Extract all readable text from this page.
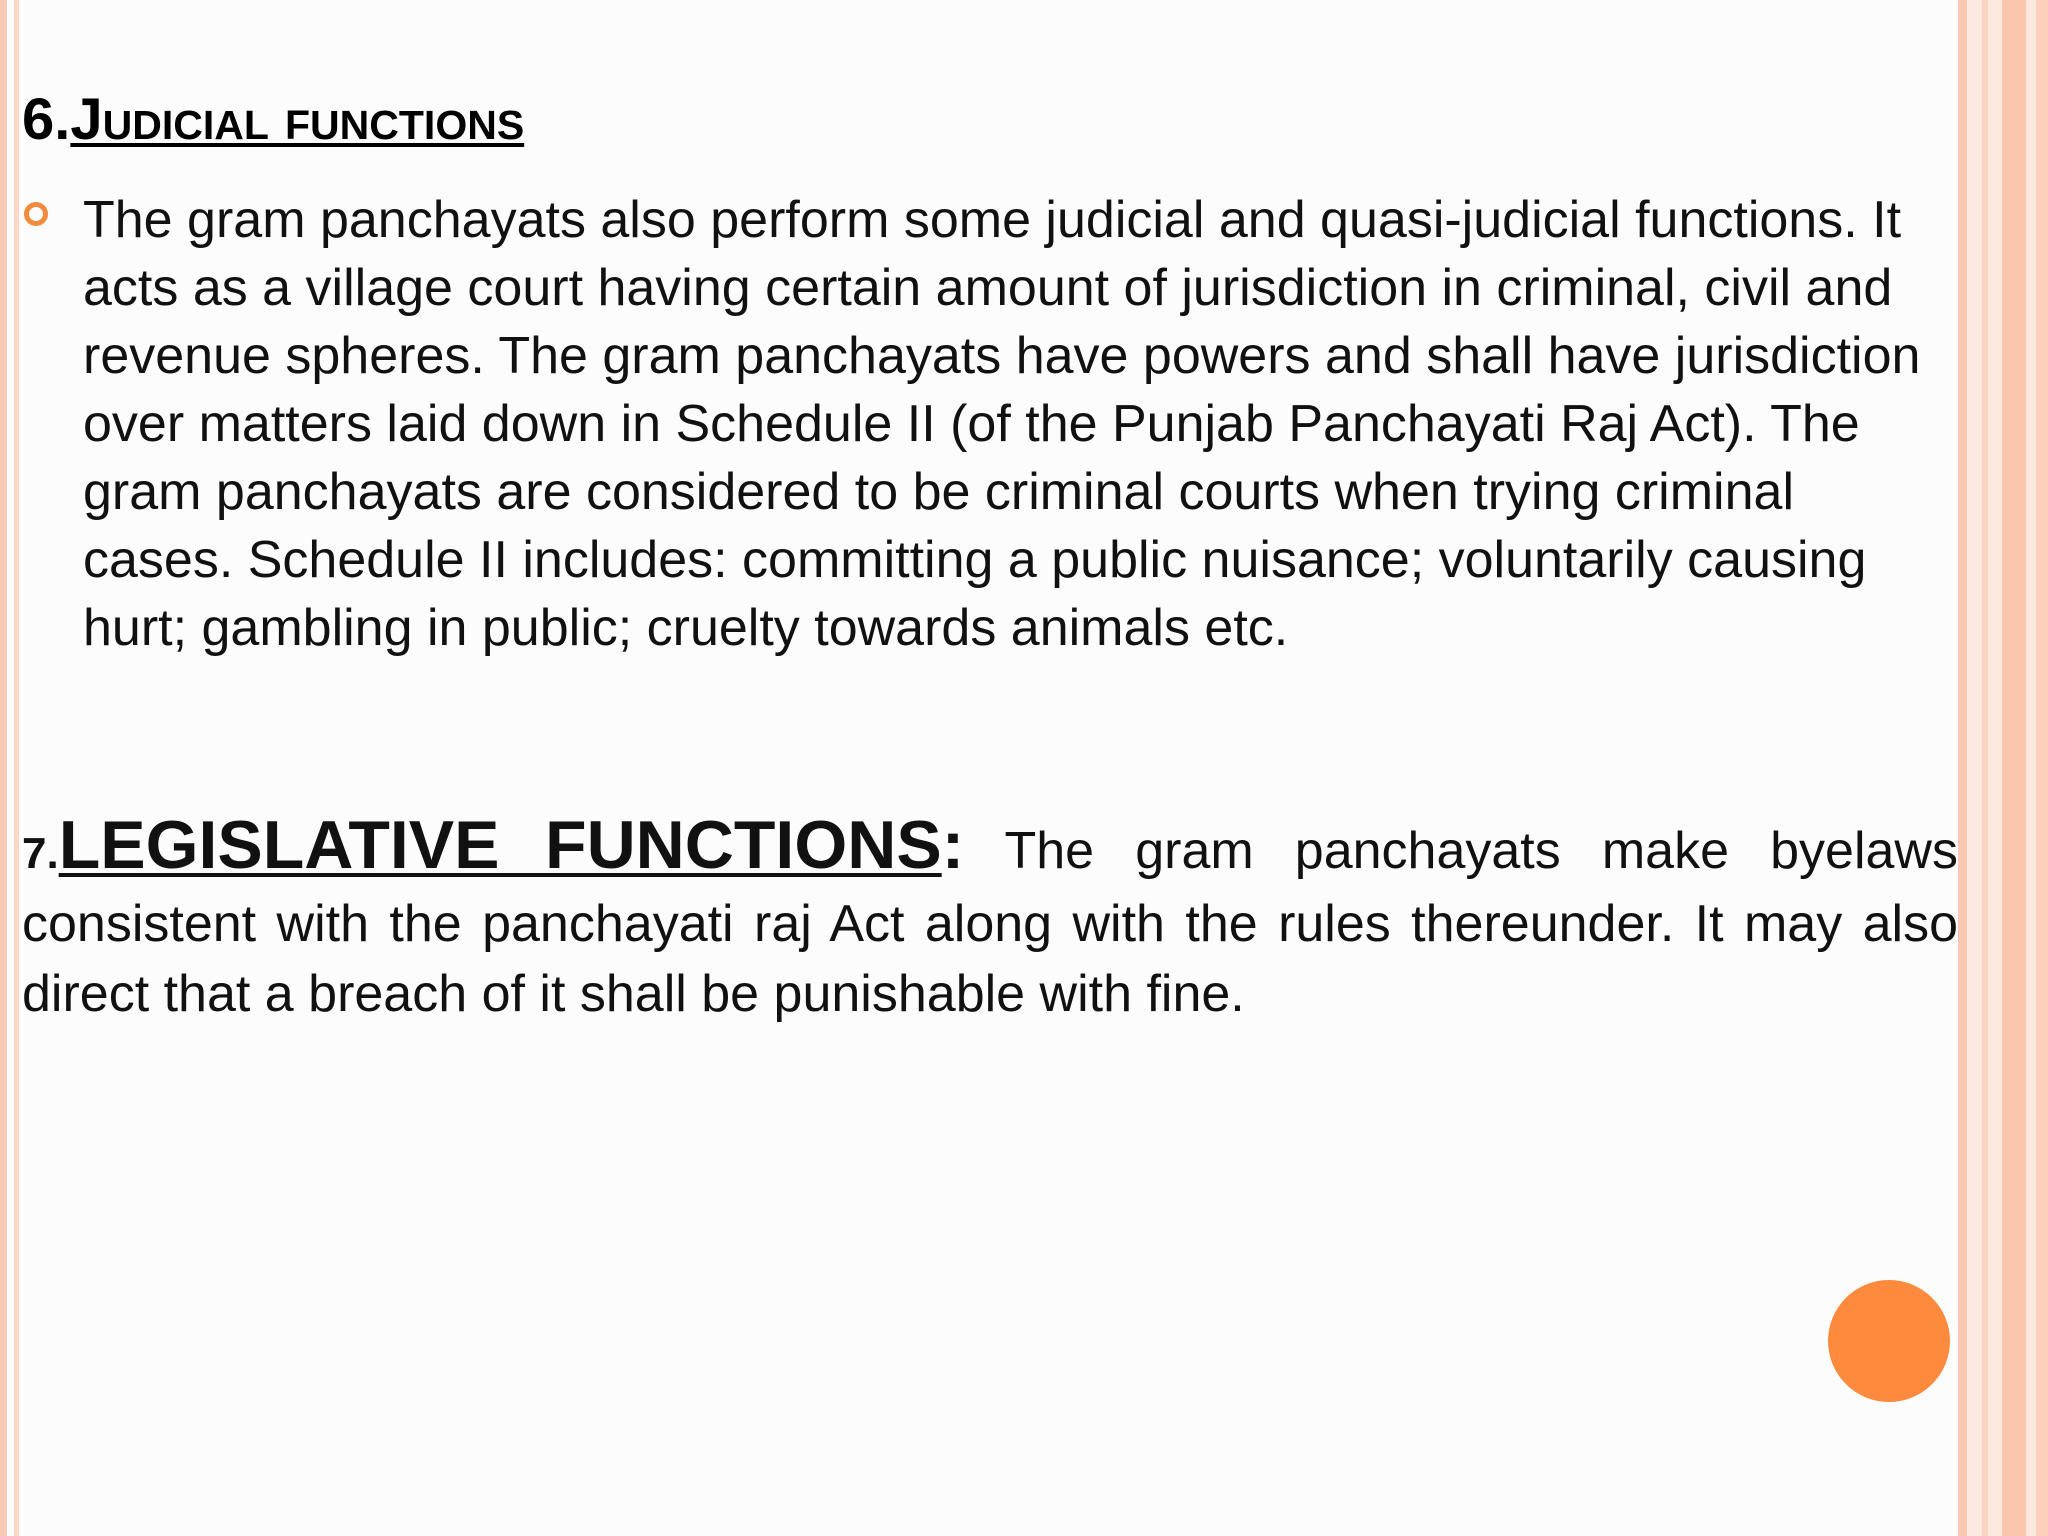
6.Judicial functions
The gram panchayats also perform some judicial and quasi-judicial functions. It acts as a village court having certain amount of jurisdiction in criminal, civil and revenue spheres. The gram panchayats have powers and shall have jurisdiction over matters laid down in Schedule II (of the Punjab Panchayati Raj Act). The gram panchayats are considered to be criminal courts when trying criminal cases. Schedule II includes: committing a public nuisance; voluntarily causing hurt; gambling in public; cruelty towards animals etc.
7.LEGISLATIVE FUNCTIONS: The gram panchayats make byelaws consistent with the panchayati raj Act along with the rules thereunder. It may also direct that a breach of it shall be punishable with fine.
